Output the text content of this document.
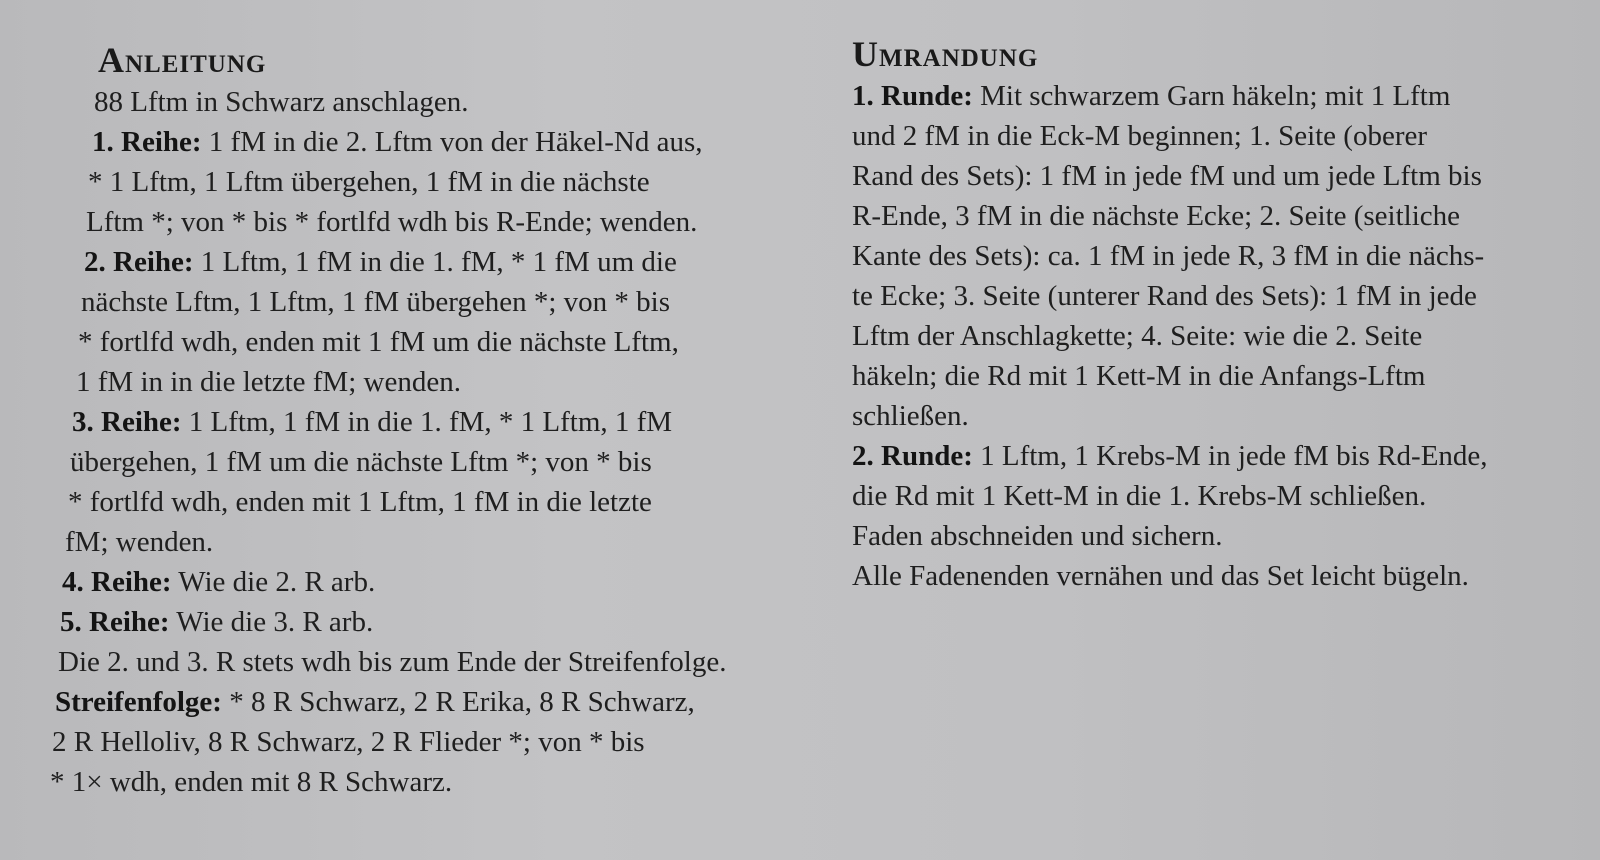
Anleitung
88 Lftm in Schwarz anschlagen.
1. Reihe: 1 fM in die 2. Lftm von der Häkel-Nd aus,
* 1 Lftm, 1 Lftm übergehen, 1 fM in die nächste
Lftm *; von * bis * fortlfd wdh bis R-Ende; wenden.
2. Reihe: 1 Lftm, 1 fM in die 1. fM, * 1 fM um die
nächste Lftm, 1 Lftm, 1 fM übergehen *; von * bis
* fortlfd wdh, enden mit 1 fM um die nächste Lftm,
1 fM in in die letzte fM; wenden.
3. Reihe: 1 Lftm, 1 fM in die 1. fM, * 1 Lftm, 1 fM
übergehen, 1 fM um die nächste Lftm *; von * bis
* fortlfd wdh, enden mit 1 Lftm, 1 fM in die letzte
fM; wenden.
4. Reihe: Wie die 2. R arb.
5. Reihe: Wie die 3. R arb.
Die 2. und 3. R stets wdh bis zum Ende der Streifenfolge.
Streifenfolge: * 8 R Schwarz, 2 R Erika, 8 R Schwarz,
2 R Helloliv, 8 R Schwarz, 2 R Flieder *; von * bis
* 1× wdh, enden mit 8 R Schwarz.
Umrandung
1. Runde: Mit schwarzem Garn häkeln; mit 1 Lftm
und 2 fM in die Eck-M beginnen; 1. Seite (oberer
Rand des Sets): 1 fM in jede fM und um jede Lftm bis
R-Ende, 3 fM in die nächste Ecke; 2. Seite (seitliche
Kante des Sets): ca. 1 fM in jede R, 3 fM in die nächs-
te Ecke; 3. Seite (unterer Rand des Sets): 1 fM in jede
Lftm der Anschlagkette; 4. Seite: wie die 2. Seite
häkeln; die Rd mit 1 Kett-M in die Anfangs-Lftm
schließen.
2. Runde: 1 Lftm, 1 Krebs-M in jede fM bis Rd-Ende,
die Rd mit 1 Kett-M in die 1. Krebs-M schließen.
Faden abschneiden und sichern.
Alle Fadenenden vernähen und das Set leicht bügeln.
